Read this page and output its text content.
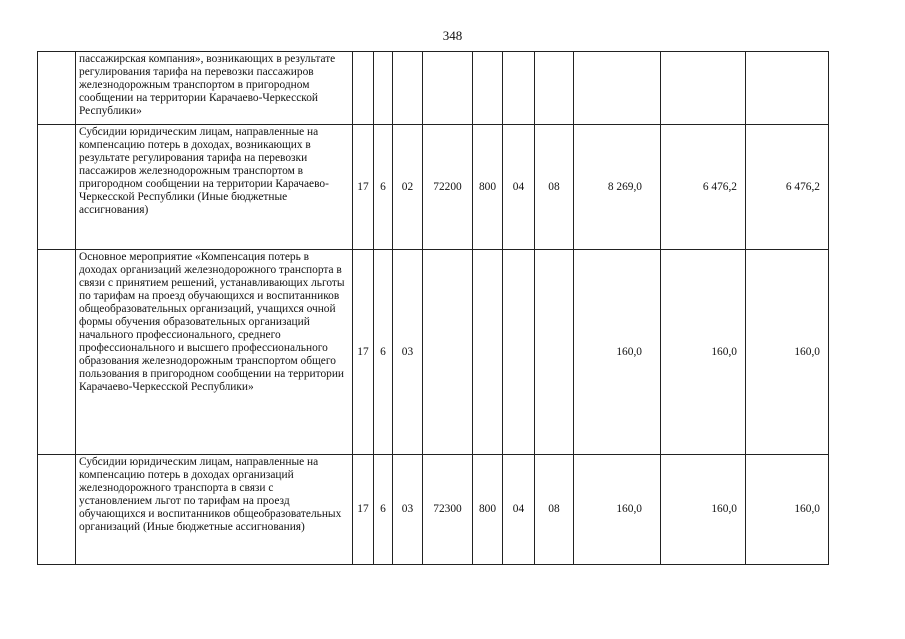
348
	пассажирская компания», возникающих в результате регулирования тарифа на перевозки пассажиров железнодорожным транспортом в пригородном сообщении на территории Карачаево-Черкесской Республики»										
	Субсидии юридическим лицам, направленные на компенсацию потерь в доходах, возникающих в результате регулирования тарифа на перевозки пассажиров железнодорожным транспортом в пригородном сообщении на территории Карачаево-Черкесской Республики (Иные бюджетные ассигнования)	17	6	02	72200	800	04	08	8 269,0	6 476,2	6 476,2
	Основное мероприятие «Компенсация потерь в доходах организаций железнодорожного транспорта в связи с принятием решений, устанавливающих льготы по тарифам на проезд обучающихся и воспитанников общеобразовательных организаций, учащихся очной формы обучения образовательных организаций начального профессионального, среднего профессионального и высшего профессионального образования железнодорожным транспортом общего пользования в пригородном сообщении на территории Карачаево-Черкесской Республики»	17	6	03					160,0	160,0	160,0
	Субсидии юридическим лицам, направленные на компенсацию потерь в доходах организаций железнодорожного транспорта в связи с установлением льгот по тарифам на проезд обучающихся и воспитанников общеобразовательных организаций (Иные бюджетные ассигнования)	17	6	03	72300	800	04	08	160,0	160,0	160,0
